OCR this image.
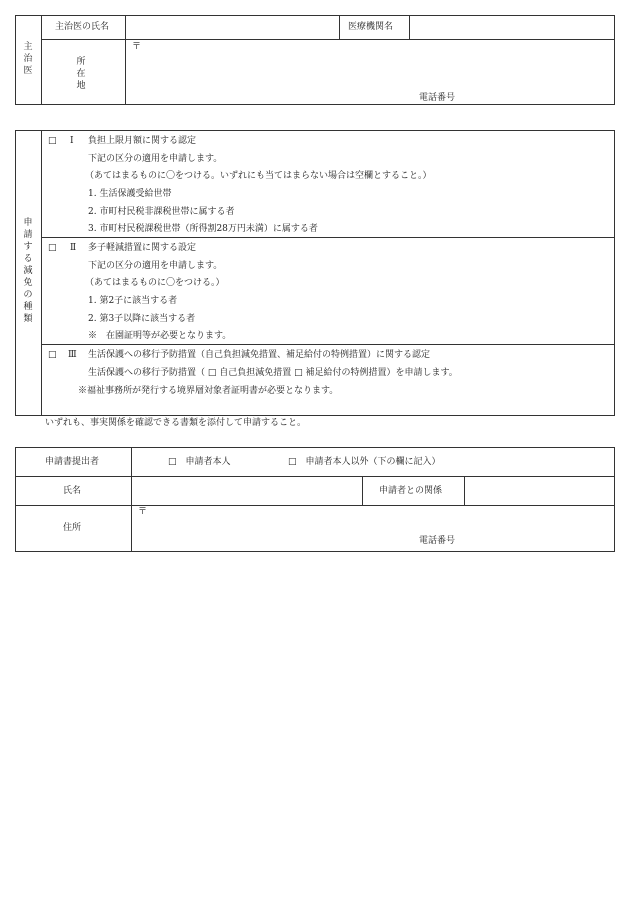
主
治
医
主治医の氏名	医療機関名
所
在
地
〒
電話番号
申
請
す
る
減
免
の
種
類
□ Ⅰ 負担上限月額に関する認定
下記の区分の適用を申請します。
（あてはまるものに〇をつける。いずれにも当てはまらない場合は空欄とすること。）
1. 生活保護受給世帯
2. 市町村民税非課税世帯に属する者
3. 市町村民税課税世帯（所得割28万円未満）に属する者
□ Ⅱ 多子軽減措置に関する設定
下記の区分の適用を申請します。
（あてはまるものに〇をつける。）
1. 第2子に該当する者
2. 第3子以降に該当する者
※　在園証明等が必要となります。
□ Ⅲ 生活保護への移行予防措置（自己負担減免措置、補足給付の特例措置）に関する認定
生活保護への移行予防措置（ □ 自己負担減免措置 □ 補足給付の特例措置）を申請します。
※福祉事務所が発行する境界層対象者証明書が必要となります。
いずれも、事実関係を確認できる書類を添付して申請すること。
申請書提出者	□　申請者本人	□　申請者本人以外（下の欄に記入）
氏名	申請者との関係
住所
〒
電話番号
